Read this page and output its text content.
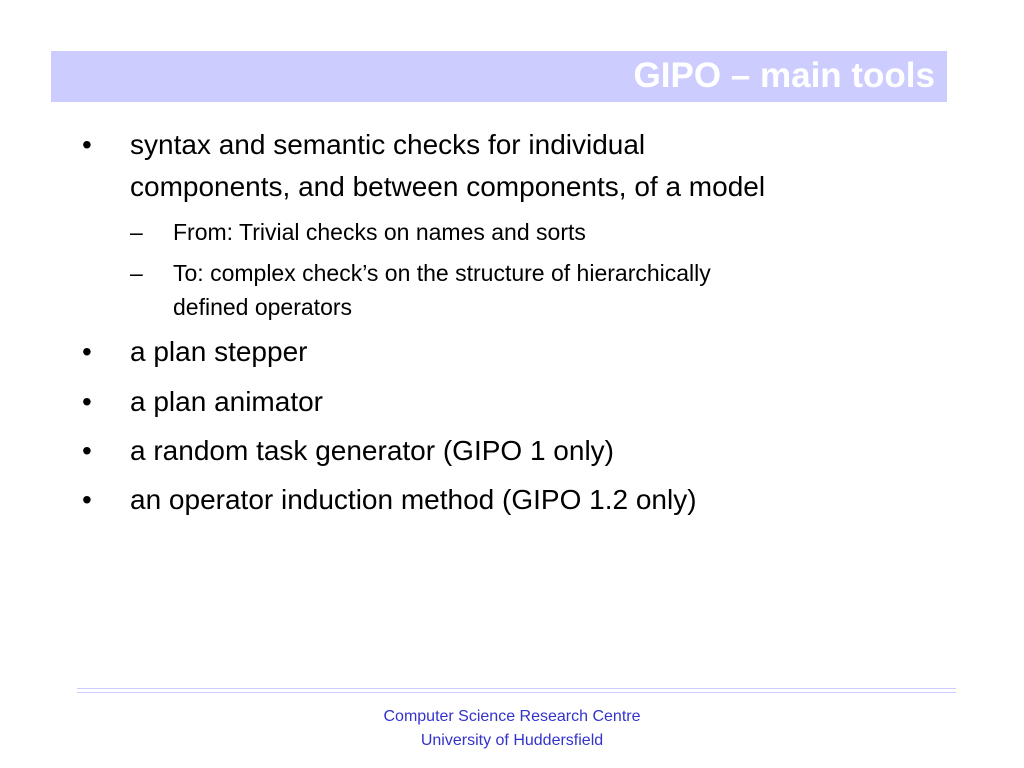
GIPO – main tools
• syntax and semantic checks for individual
components, and between components, of a model
– From: Trivial checks on names and sorts
– To: complex check’s on the structure of hierarchically
defined operators
• a plan stepper
• a plan animator
• a random task generator (GIPO 1 only)
• an operator induction method (GIPO 1.2 only)
Computer Science Research Centre
University of Huddersfield
